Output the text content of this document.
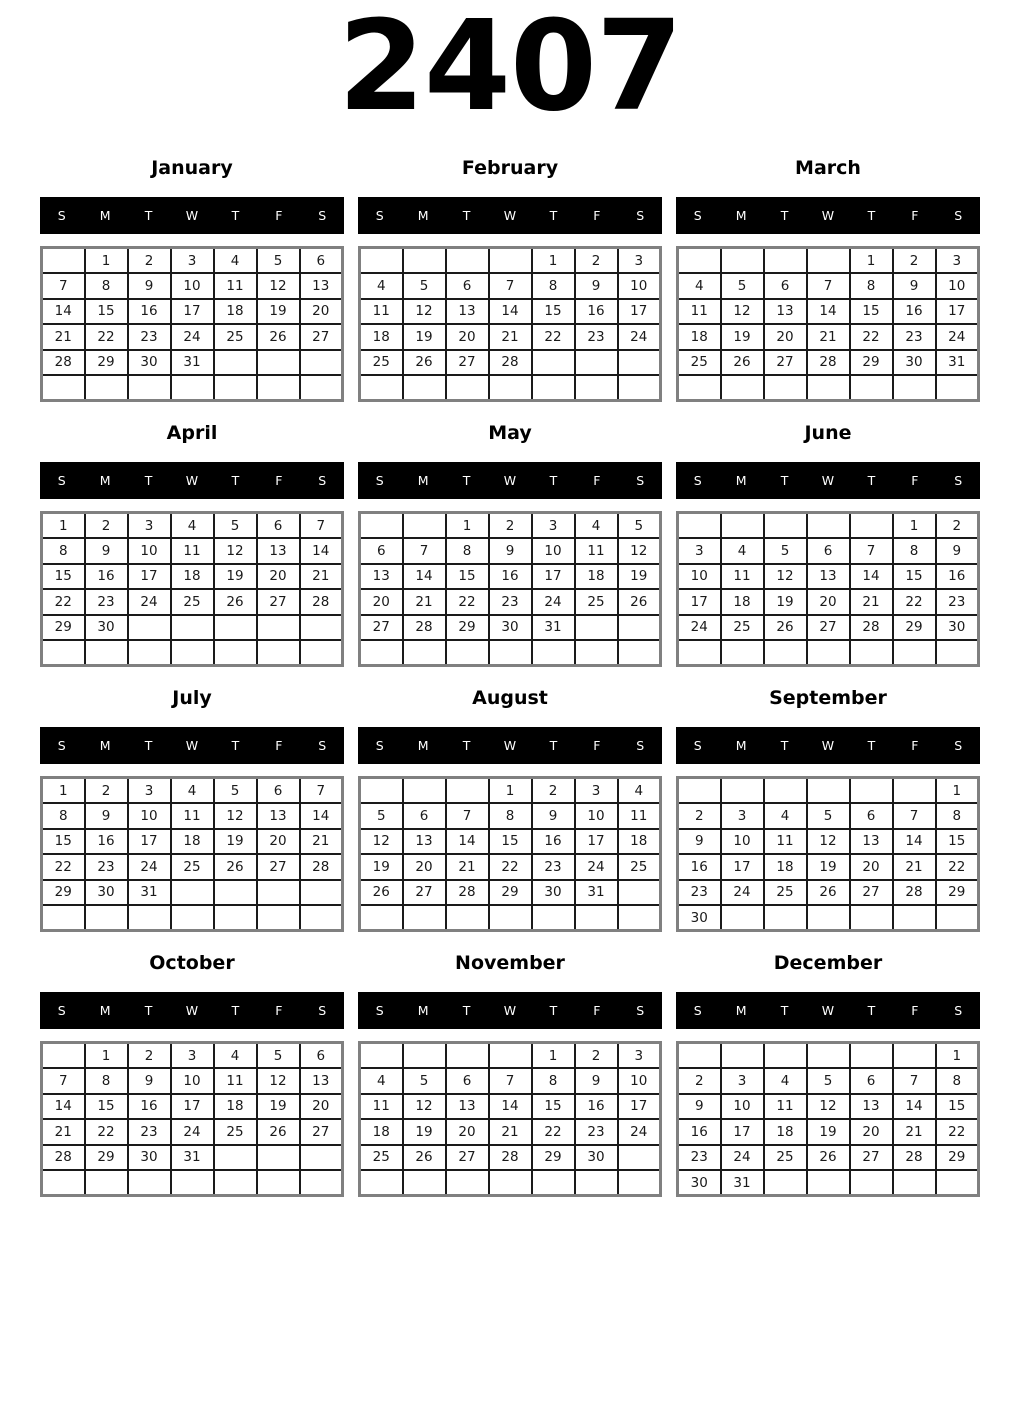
2407
January
S	M	T	W	T	F	S
	1	2	3	4	5	6
7	8	9	10	11	12	13
14	15	16	17	18	19	20
21	22	23	24	25	26	27
28	29	30	31			

February
S	M	T	W	T	F	S
				1	2	3
4	5	6	7	8	9	10
11	12	13	14	15	16	17
18	19	20	21	22	23	24
25	26	27	28			

March
S	M	T	W	T	F	S
				1	2	3
4	5	6	7	8	9	10
11	12	13	14	15	16	17
18	19	20	21	22	23	24
25	26	27	28	29	30	31

April
S	M	T	W	T	F	S
1	2	3	4	5	6	7
8	9	10	11	12	13	14
15	16	17	18	19	20	21
22	23	24	25	26	27	28
29	30					

May
S	M	T	W	T	F	S
		1	2	3	4	5
6	7	8	9	10	11	12
13	14	15	16	17	18	19
20	21	22	23	24	25	26
27	28	29	30	31		

June
S	M	T	W	T	F	S
					1	2
3	4	5	6	7	8	9
10	11	12	13	14	15	16
17	18	19	20	21	22	23
24	25	26	27	28	29	30

July
S	M	T	W	T	F	S
1	2	3	4	5	6	7
8	9	10	11	12	13	14
15	16	17	18	19	20	21
22	23	24	25	26	27	28
29	30	31				

August
S	M	T	W	T	F	S
			1	2	3	4
5	6	7	8	9	10	11
12	13	14	15	16	17	18
19	20	21	22	23	24	25
26	27	28	29	30	31	

September
S	M	T	W	T	F	S
						1
2	3	4	5	6	7	8
9	10	11	12	13	14	15
16	17	18	19	20	21	22
23	24	25	26	27	28	29
30						
October
S	M	T	W	T	F	S
	1	2	3	4	5	6
7	8	9	10	11	12	13
14	15	16	17	18	19	20
21	22	23	24	25	26	27
28	29	30	31			

November
S	M	T	W	T	F	S
				1	2	3
4	5	6	7	8	9	10
11	12	13	14	15	16	17
18	19	20	21	22	23	24
25	26	27	28	29	30	

December
S	M	T	W	T	F	S
						1
2	3	4	5	6	7	8
9	10	11	12	13	14	15
16	17	18	19	20	21	22
23	24	25	26	27	28	29
30	31					
